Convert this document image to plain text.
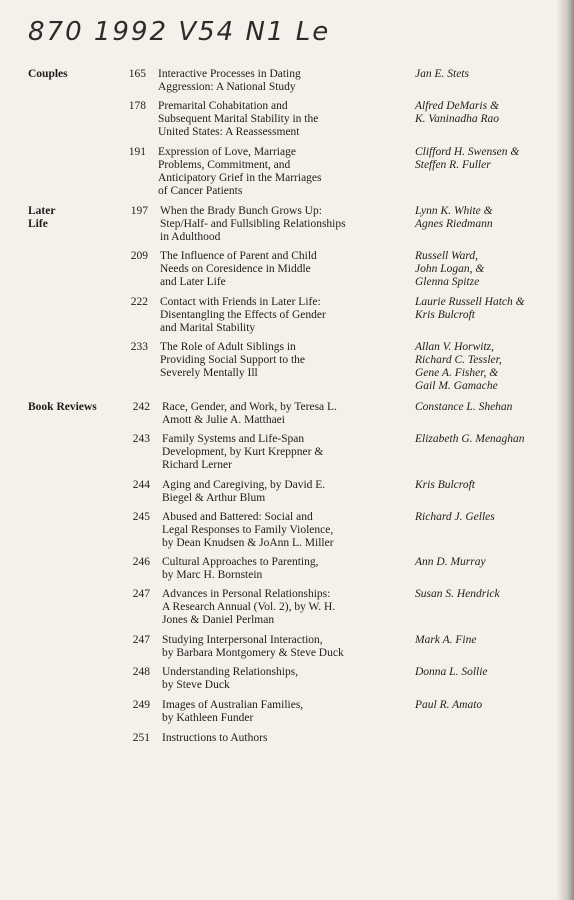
870 1992 V54 N1 Le
Couples
Later
Life
Book Reviews
165 Interactive Processes in Dating
Aggression: A National Study
Jan E. Stets
178 Premarital Cohabitation and
Subsequent Marital Stability in the
United States: A Reassessment
Alfred DeMaris &
K. Vaninadha Rao
191 Expression of Love, Marriage
Problems, Commitment, and
Anticipatory Grief in the Marriages
of Cancer Patients
Clifford H. Swensen &
Steffen R. Fuller
197 When the Brady Bunch Grows Up:
Step/Half- and Fullsibling Relationships
in Adulthood
Lynn K. White &
Agnes Riedmann
209 The Influence of Parent and Child
Needs on Coresidence in Middle
and Later Life
Russell Ward,
John Logan, &
Glenna Spitze
222 Contact with Friends in Later Life:
Disentangling the Effects of Gender
and Marital Stability
Laurie Russell Hatch &
Kris Bulcroft
233 The Role of Adult Siblings in
Providing Social Support to the
Severely Mentally Ill
Allan V. Horwitz,
Richard C. Tessler,
Gene A. Fisher, &
Gail M. Gamache
242 Race, Gender, and Work, by Teresa L.
Amott & Julie A. Matthaei
Constance L. Shehan
243 Family Systems and Life-Span
Development, by Kurt Kreppner &
Richard Lerner
Elizabeth G. Menaghan
244 Aging and Caregiving, by David E.
Biegel & Arthur Blum
Kris Bulcroft
245 Abused and Battered: Social and
Legal Responses to Family Violence,
by Dean Knudsen & JoAnn L. Miller
Richard J. Gelles
246 Cultural Approaches to Parenting,
by Marc H. Bornstein
Ann D. Murray
247 Advances in Personal Relationships:
A Research Annual (Vol. 2), by W. H.
Jones & Daniel Perlman
Susan S. Hendrick
247 Studying Interpersonal Interaction,
by Barbara Montgomery & Steve Duck
Mark A. Fine
248 Understanding Relationships,
by Steve Duck
Donna L. Sollie
249 Images of Australian Families,
by Kathleen Funder
Paul R. Amato
251 Instructions to Authors
